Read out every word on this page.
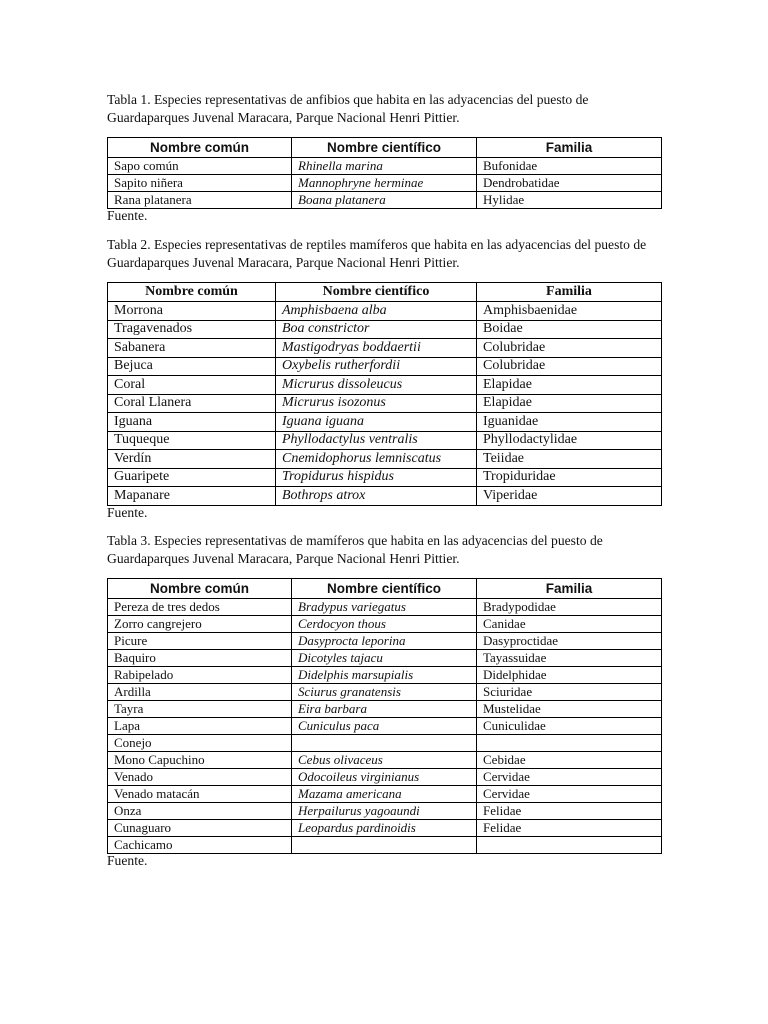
Tabla 1. Especies representativas de anfibios que habita en las adyacencias del puesto de Guardaparques Juvenal Maracara, Parque Nacional Henri Pittier.

Nombre común	Nombre científico	Familia
Sapo común	Rhinella marina	Bufonidae
Sapito niñera	Mannophryne herminae	Dendrobatidae
Rana platanera	Boana platanera	Hylidae

Fuente.

Tabla 2. Especies representativas de reptiles mamíferos que habita en las adyacencias del puesto de Guardaparques Juvenal Maracara, Parque Nacional Henri Pittier.

Nombre común	Nombre científico	Familia
Morrona	Amphisbaena alba	Amphisbaenidae
Tragavenados	Boa constrictor	Boidae
Sabanera	Mastigodryas boddaertii	Colubridae
Bejuca	Oxybelis rutherfordii	Colubridae
Coral	Micrurus dissoleucus	Elapidae
Coral Llanera	Micrurus isozonus	Elapidae
Iguana	Iguana iguana	Iguanidae
Tuqueque	Phyllodactylus ventralis	Phyllodactylidae
Verdín	Cnemidophorus lemniscatus	Teiidae
Guaripete	Tropidurus hispidus	Tropiduridae
Mapanare	Bothrops atrox	Viperidae

Fuente.

Tabla 3. Especies representativas de mamíferos que habita en las adyacencias del puesto de Guardaparques Juvenal Maracara, Parque Nacional Henri Pittier.

Nombre común	Nombre científico	Familia
Pereza de tres dedos	Bradypus variegatus	Bradypodidae
Zorro cangrejero	Cerdocyon thous	Canidae
Picure	Dasyprocta leporina	Dasyproctidae
Baquiro	Dicotyles tajacu	Tayassuidae
Rabipelado	Didelphis marsupialis	Didelphidae
Ardilla	Sciurus granatensis	Sciuridae
Tayra	Eira barbara	Mustelidae
Lapa	Cuniculus paca	Cuniculidae
Conejo		
Mono Capuchino	Cebus olivaceus	Cebidae
Venado	Odocoileus virginianus	Cervidae
Venado matacán	Mazama americana	Cervidae
Onza	Herpailurus yagoaundi	Felidae
Cunaguaro	Leopardus pardinoidis	Felidae
Cachicamo		

Fuente.
